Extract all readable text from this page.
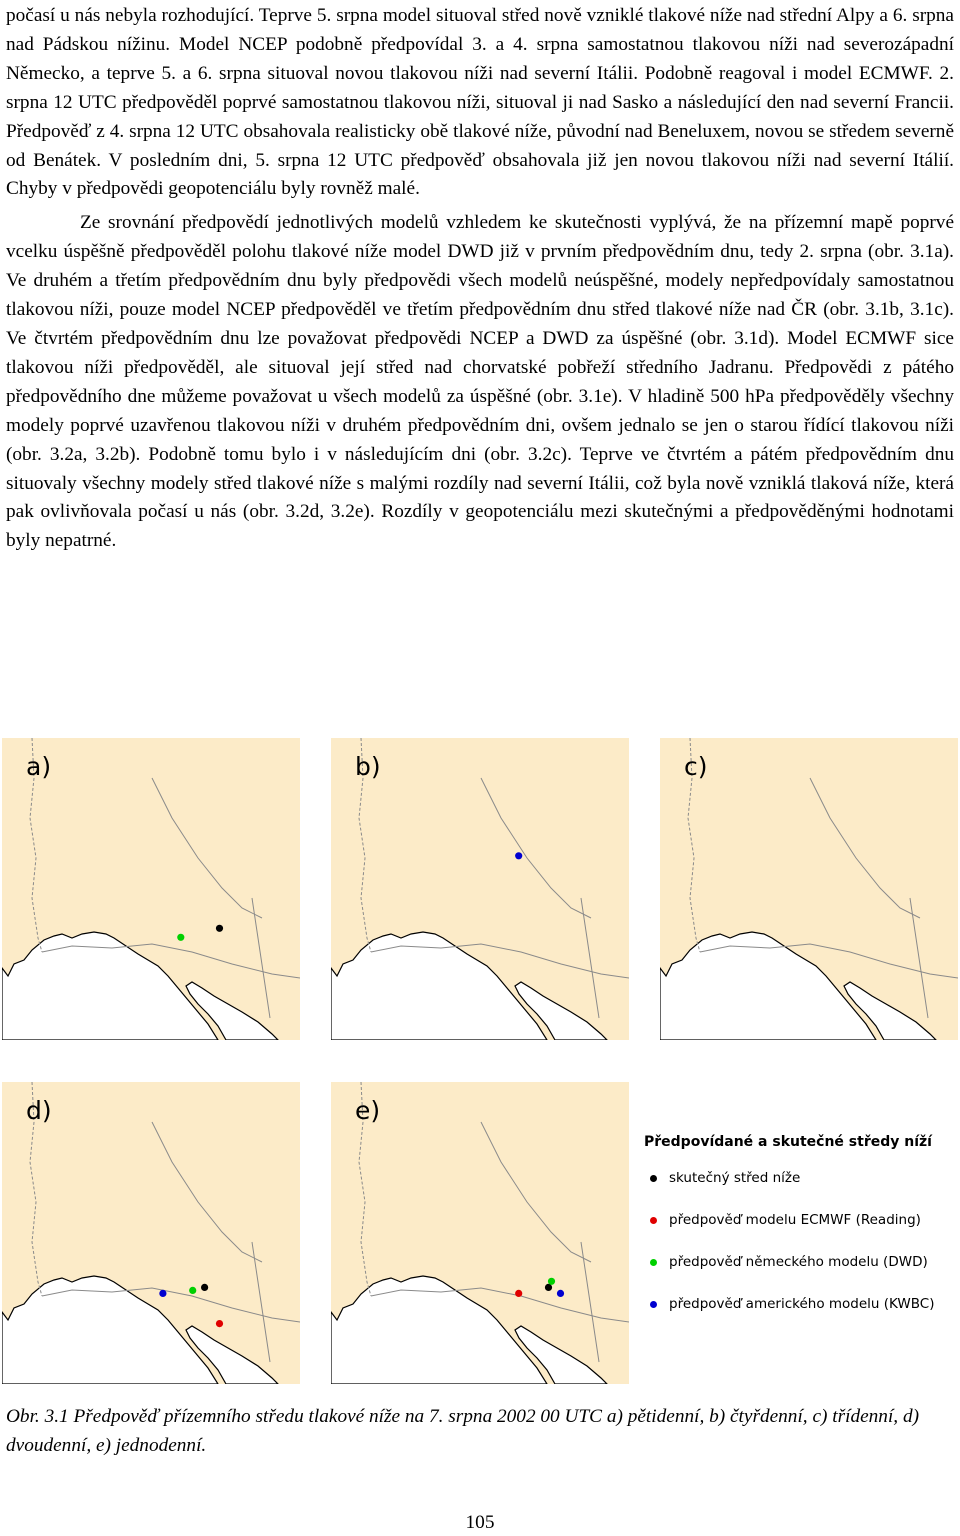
počasí u nás nebyla rozhodující. Teprve 5. srpna model situoval střed nově vzniklé tlakové níže nad střední Alpy a 6. srpna nad Pádskou nížinu. Model NCEP podobně předpovídal 3. a 4. srpna samostatnou tlakovou níži nad severozápadní Německo, a teprve 5. a 6. srpna situoval novou tlakovou níži nad severní Itálii. Podobně reagoval i model ECMWF. 2. srpna 12 UTC předpověděl poprvé samostatnou tlakovou níži, situoval ji nad Sasko a následující den nad severní Francii. Předpověď z 4. srpna 12 UTC obsahovala realisticky obě tlakové níže, původní nad Beneluxem, novou se středem severně od Benátek. V posledním dni, 5. srpna 12 UTC předpověď obsahovala již jen novou tlakovou níži nad severní Itálií. Chyby v předpovědi geopotenciálu byly rovněž malé.

Ze srovnání předpovědí jednotlivých modelů vzhledem ke skutečnosti vyplývá, že na přízemní mapě poprvé vcelku úspěšně předpověděl polohu tlakové níže model DWD již v prvním předpovědním dnu, tedy 2. srpna (obr. 3.1a). Ve druhém a třetím předpovědním dnu byly předpovědi všech modelů neúspěšné, modely nepředpovídaly samostatnou tlakovou níži, pouze model NCEP předpověděl ve třetím předpovědním dnu střed tlakové níže nad ČR (obr. 3.1b, 3.1c). Ve čtvrtém předpovědním dnu lze považovat předpovědi NCEP a DWD za úspěšné (obr. 3.1d). Model ECMWF sice tlakovou níži předpověděl, ale situoval její střed nad chorvatské pobřeží středního Jadranu. Předpovědi z pátého předpovědního dne můžeme považovat u všech modelů za úspěšné (obr. 3.1e). V hladině 500 hPa předpověděly všechny modely poprvé uzavřenou tlakovou níži v druhém předpovědním dni, ovšem jednalo se jen o starou řídící tlakovou níži (obr. 3.2a, 3.2b). Podobně tomu bylo i v následujícím dni (obr. 3.2c). Teprve ve čtvrtém a pátém předpovědním dnu situovaly všechny modely střed tlakové níže s malými rozdíly nad severní Itálii, což byla nově vzniklá tlaková níže, která pak ovlivňovala počasí u nás (obr. 3.2d, 3.2e). Rozdíly v geopotenciálu mezi skutečnými a předpověděnými hodnotami byly nepatrné.

a)	b)	c)
d)	e)
Předpovídané a skutečné středy níží
skutečný střed níže
předpověď modelu ECMWF (Reading)
předpověď německého modelu (DWD)
předpověď amerického modelu (KWBC)
Obr. 3.1 Předpověď přízemního středu tlakové níže na 7. srpna 2002 00 UTC a) pětidenní, b) čtyřdenní, c) třídenní, d) dvoudenní, e) jednodenní.
105
